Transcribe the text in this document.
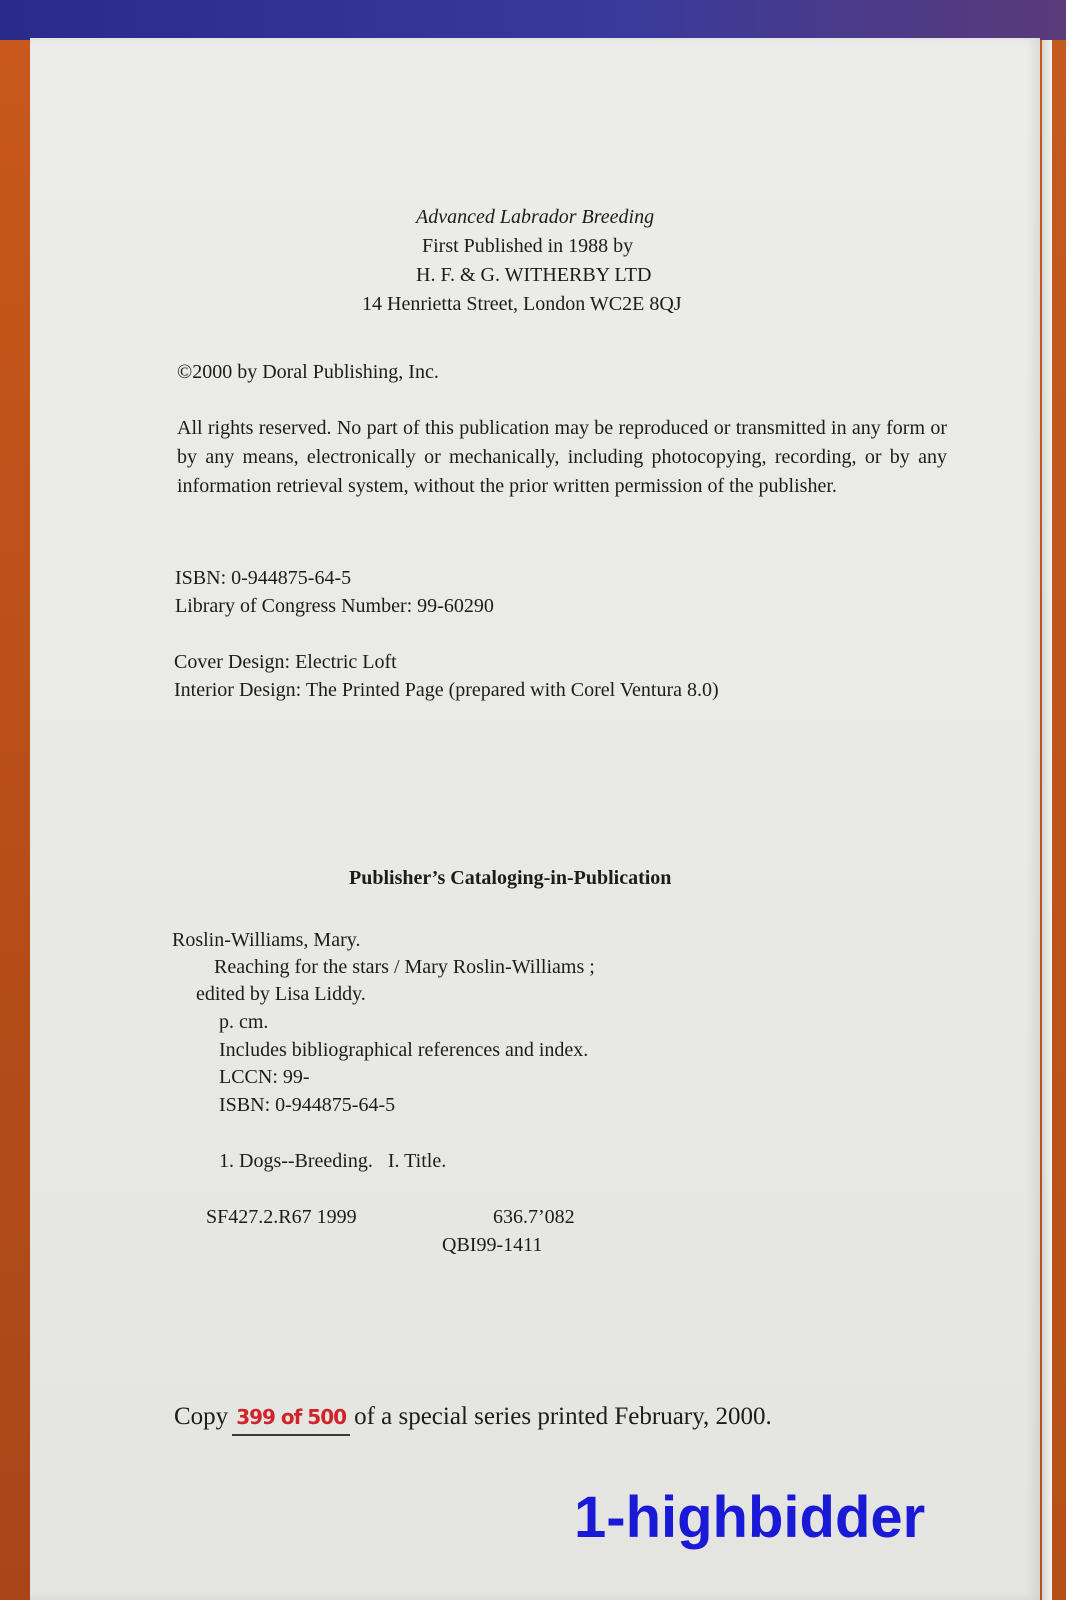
Advanced Labrador Breeding
First Published in 1988 by
H. F. & G. WITHERBY LTD
14 Henrietta Street, London WC2E 8QJ
©2000 by Doral Publishing, Inc.
All rights reserved. No part of this publication may be reproduced or transmitted in any form or by any means, electronically or mechanically, including photocopying, recording, or by any information retrieval system, without the prior written permission of the publisher.
ISBN: 0-944875-64-5
Library of Congress Number: 99-60290
Cover Design: Electric Loft
Interior Design: The Printed Page (prepared with Corel Ventura 8.0)
Publisher’s Cataloging-in-Publication
Roslin-Williams, Mary.
Reaching for the stars / Mary Roslin-Williams ;
edited by Lisa Liddy.
p. cm.
Includes bibliographical references and index.
LCCN: 99-
ISBN: 0-944875-64-5
1. Dogs--Breeding.   I. Title.
SF427.2.R67 1999	636.7’082
QBI99-1411
Copy 399 of 500 of a special series printed February, 2000.
1-highbidder
